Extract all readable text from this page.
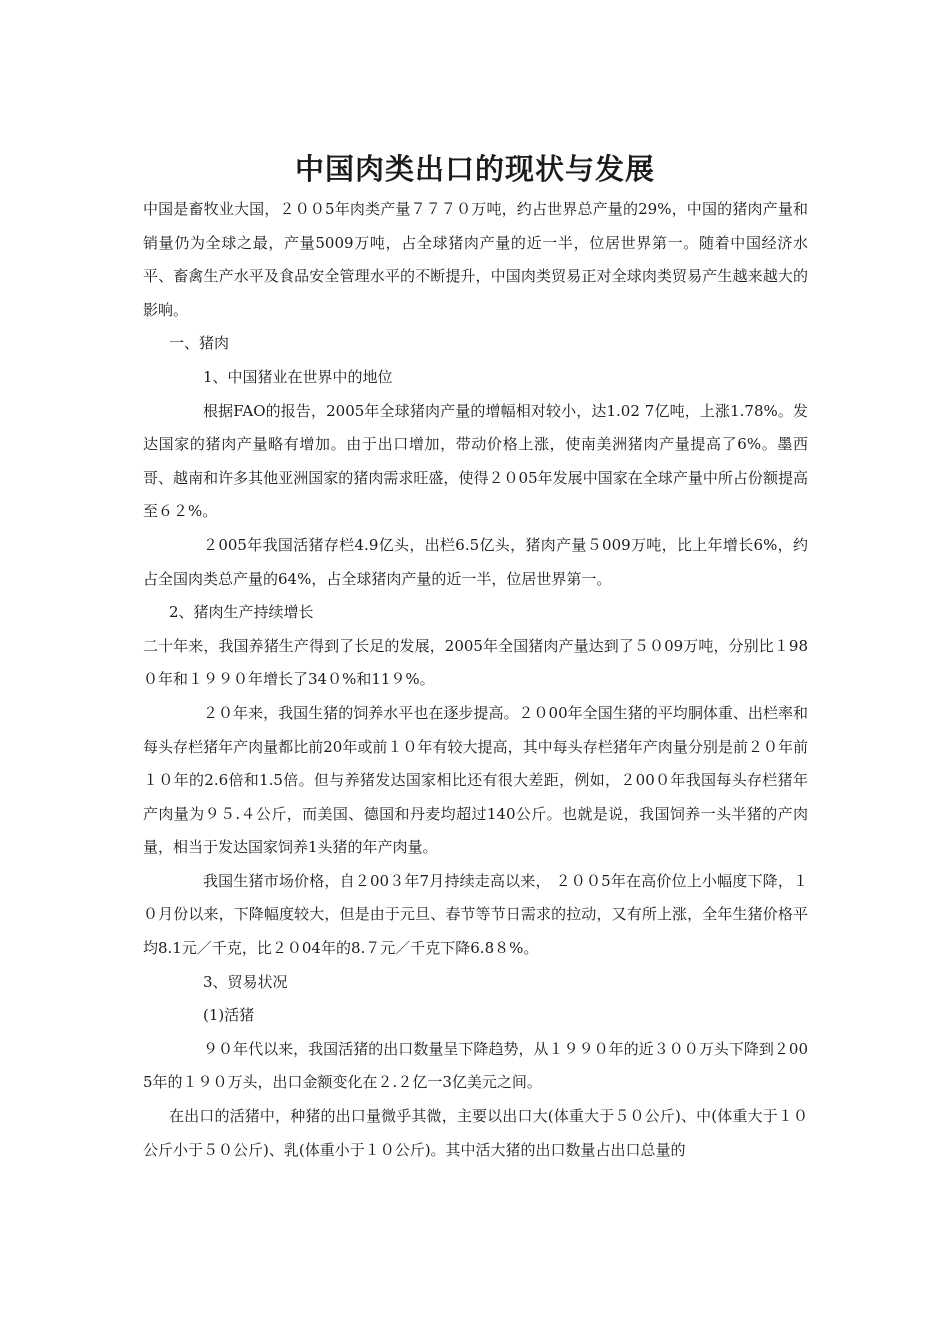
中国肉类出口的现状与发展

中国是畜牧业大国，２００5年肉类产量７７７０万吨，约占世界总产量的29%，中国的猪肉产量和销量仍为全球之最，产量5009万吨，占全球猪肉产量的近一半，位居世界第一。随着中国经济水平、畜禽生产水平及食品安全管理水平的不断提升，中国肉类贸易正对全球肉类贸易产生越来越大的影响。

一、猪肉

1、中国猪业在世界中的地位

根据FAO的报告，2005年全球猪肉产量的增幅相对较小，达1.02 7亿吨，上涨1.78%。发达国家的猪肉产量略有增加。由于出口增加，带动价格上涨，使南美洲猪肉产量提高了6%。墨西哥、越南和许多其他亚洲国家的猪肉需求旺盛，使得２０05年发展中国家在全球产量中所占份额提高至６２%。

２005年我国活猪存栏4.9亿头，出栏6.5亿头，猪肉产量５009万吨，比上年增长6%，约占全国肉类总产量的64%，占全球猪肉产量的近一半，位居世界第一。

2、猪肉生产持续增长

二十年来，我国养猪生产得到了长足的发展，2005年全国猪肉产量达到了５０09万吨，分别比１98０年和１９９０年增长了34０%和11９%。

２０年来，我国生猪的饲养水平也在逐步提高。２０00年全国生猪的平均胴体重、出栏率和每头存栏猪年产肉量都比前20年或前１０年有较大提高，其中每头存栏猪年产肉量分别是前２０年前１０年的2.6倍和1.5倍。但与养猪发达国家相比还有很大差距，例如，２00０年我国每头存栏猪年产肉量为９５.４公斤，而美国、德国和丹麦均超过140公斤。也就是说，我国饲养一头半猪的产肉量，相当于发达国家饲养1头猪的年产肉量。

我国生猪市场价格，自２00３年7月持续走高以来， ２００5年在高价位上小幅度下降，１０月份以来，下降幅度较大，但是由于元旦、春节等节日需求的拉动，又有所上涨，全年生猪价格平均8.1元／千克，比２０04年的8.７元／千克下降6.8８%。

3、贸易状况

(1)活猪

９０年代以来，我国活猪的出口数量呈下降趋势，从１９９０年的近３００万头下降到２005年的１９０万头，出口金额变化在２.２亿一3亿美元之间。

在出口的活猪中，种猪的出口量微乎其微，主要以出口大(体重大于５０公斤)、中(体重大于１０公斤小于５０公斤)、乳(体重小于１０公斤)。其中活大猪的出口数量占出口总量的
